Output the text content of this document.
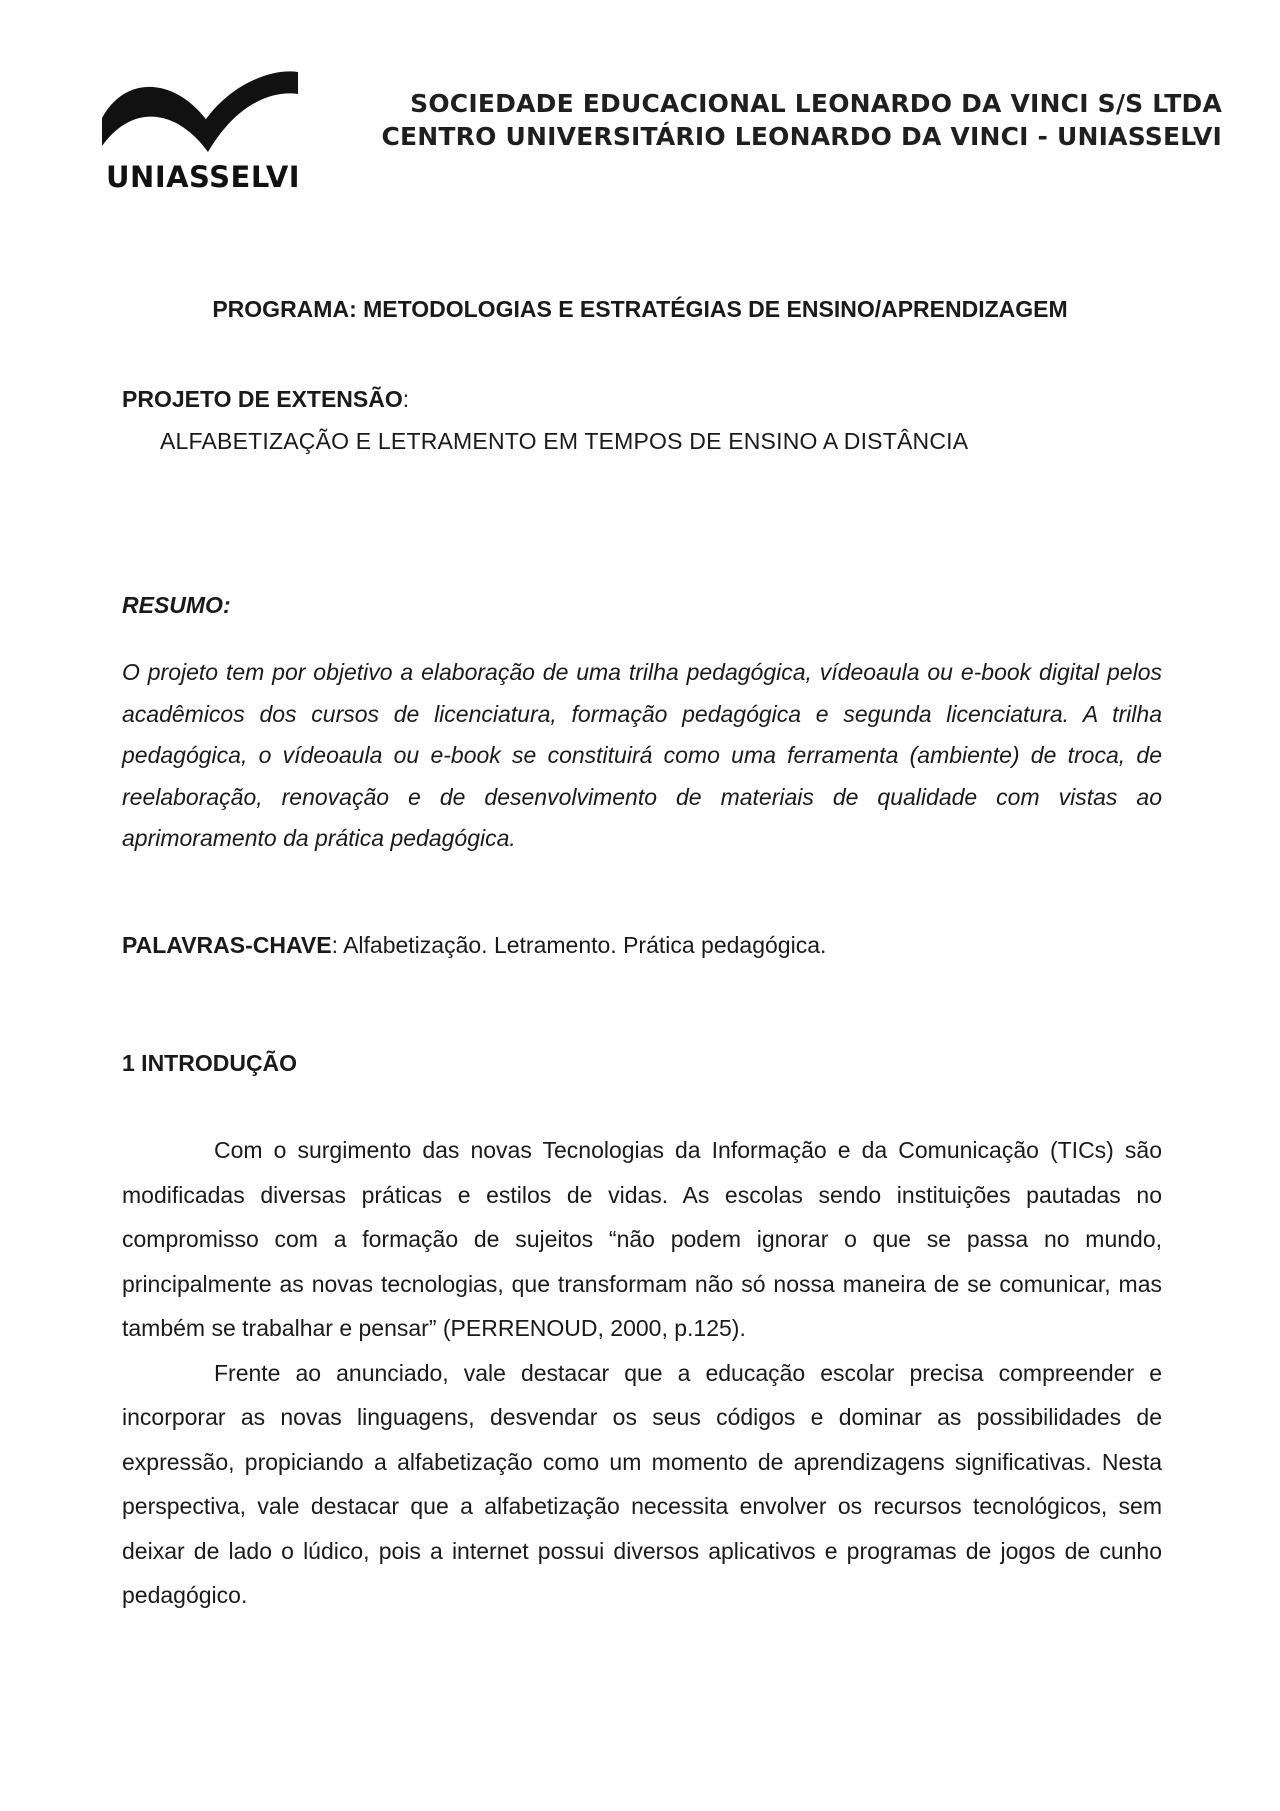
UNIASSELVI
SOCIEDADE EDUCACIONAL LEONARDO DA VINCI S/S LTDA
CENTRO UNIVERSITÁRIO LEONARDO DA VINCI - UNIASSELVI
PROGRAMA: METODOLOGIAS E ESTRATÉGIAS DE ENSINO/APRENDIZAGEM
PROJETO DE EXTENSÃO:
ALFABETIZAÇÃO E LETRAMENTO EM TEMPOS DE ENSINO A DISTÂNCIA
RESUMO:
O projeto tem por objetivo a elaboração de uma trilha pedagógica, vídeoaula ou e-book digital pelos acadêmicos dos cursos de licenciatura, formação pedagógica e segunda licenciatura. A trilha pedagógica, o vídeoaula ou e-book se constituirá como uma ferramenta (ambiente) de troca, de reelaboração, renovação e de desenvolvimento de materiais de qualidade com vistas ao aprimoramento da prática pedagógica.
PALAVRAS-CHAVE: Alfabetização. Letramento. Prática pedagógica.
1 INTRODUÇÃO

Com o surgimento das novas Tecnologias da Informação e da Comunicação (TICs) são modificadas diversas práticas e estilos de vidas. As escolas sendo instituições pautadas no compromisso com a formação de sujeitos “não podem ignorar o que se passa no mundo, principalmente as novas tecnologias, que transformam não só nossa maneira de se comunicar, mas também se trabalhar e pensar” (PERRENOUD, 2000, p.125).

Frente ao anunciado, vale destacar que a educação escolar precisa compreender e incorporar as novas linguagens, desvendar os seus códigos e dominar as possibilidades de expressão, propiciando a alfabetização como um momento de aprendizagens significativas. Nesta perspectiva, vale destacar que a alfabetização necessita envolver os recursos tecnológicos, sem deixar de lado o lúdico, pois a internet possui diversos aplicativos e programas de jogos de cunho pedagógico.
